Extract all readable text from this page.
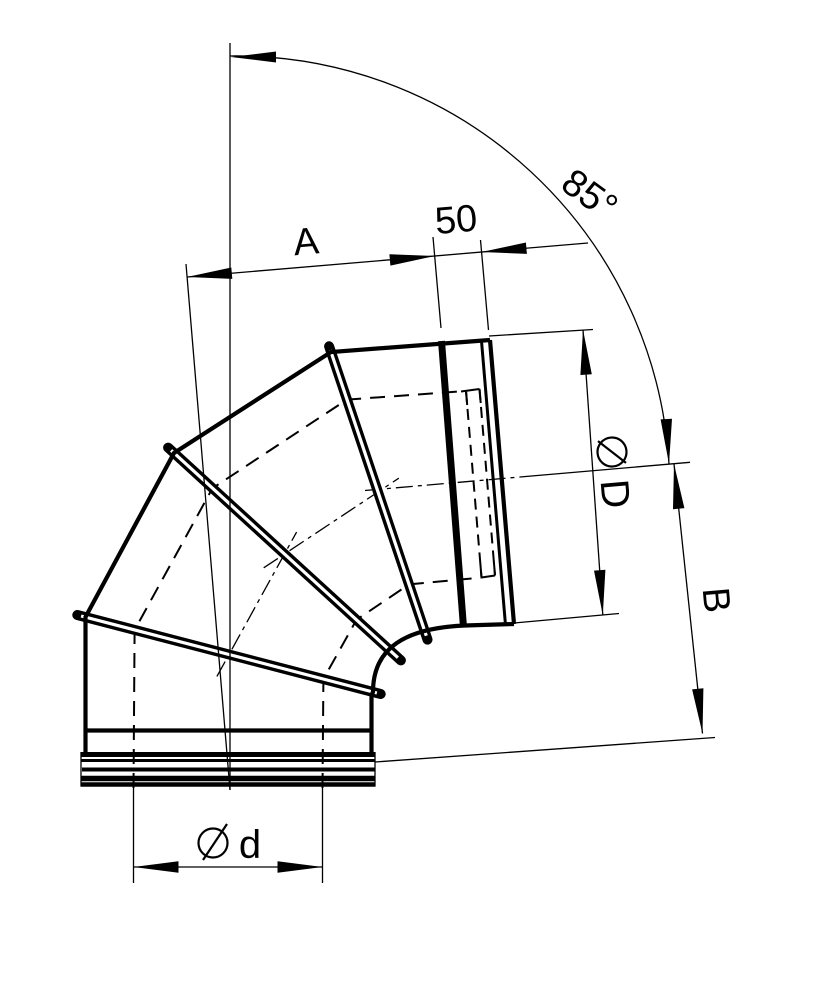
85°
A	50
D
B
d
